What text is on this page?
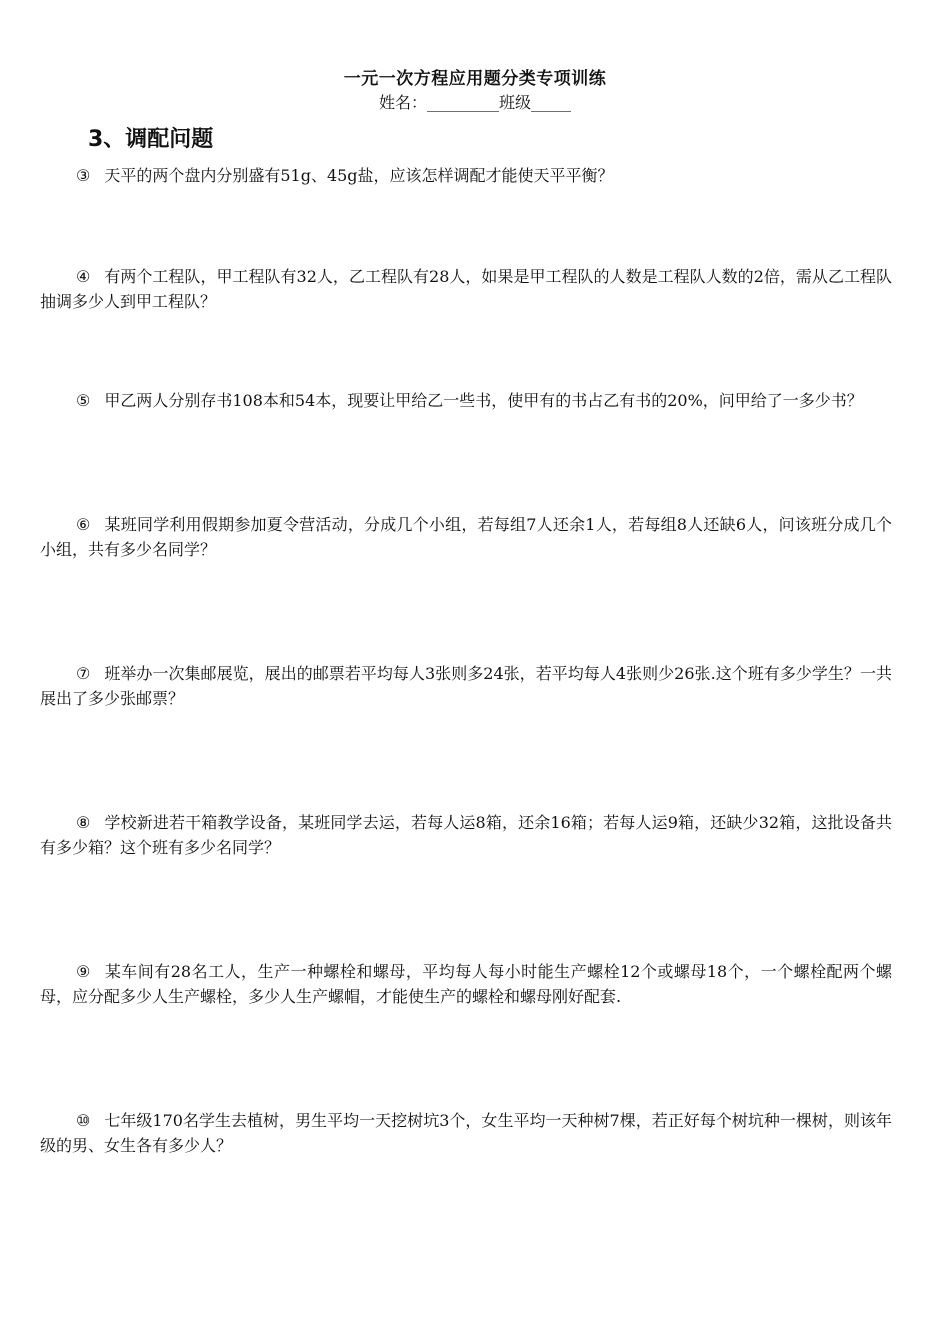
一元一次方程应用题分类专项训练
姓名：_________班级_____
3、调配问题
③ 天平的两个盘内分别盛有51g、45g盐，应该怎样调配才能使天平平衡？
④ 有两个工程队，甲工程队有32人，乙工程队有28人，如果是甲工程队的人数是工程队人数的2倍，需从乙工程队抽调多少人到甲工程队？
⑤ 甲乙两人分别存书108本和54本，现要让甲给乙一些书，使甲有的书占乙有书的20%，问甲给了一多少书？
⑥ 某班同学利用假期参加夏令营活动，分成几个小组，若每组7人还余1人，若每组8人还缺6人，问该班分成几个小组，共有多少名同学？
⑦ 班举办一次集邮展览，展出的邮票若平均每人3张则多24张，若平均每人4张则少26张.这个班有多少学生？一共展出了多少张邮票？
⑧ 学校新进若干箱教学设备，某班同学去运，若每人运8箱，还余16箱；若每人运9箱，还缺少32箱，这批设备共有多少箱？这个班有多少名同学？
⑨ 某车间有28名工人，生产一种螺栓和螺母，平均每人每小时能生产螺栓12个或螺母18个，一个螺栓配两个螺母，应分配多少人生产螺栓，多少人生产螺帽，才能使生产的螺栓和螺母刚好配套.
⑩ 七年级170名学生去植树，男生平均一天挖树坑3个，女生平均一天种树7棵，若正好每个树坑种一棵树，则该年级的男、女生各有多少人？
